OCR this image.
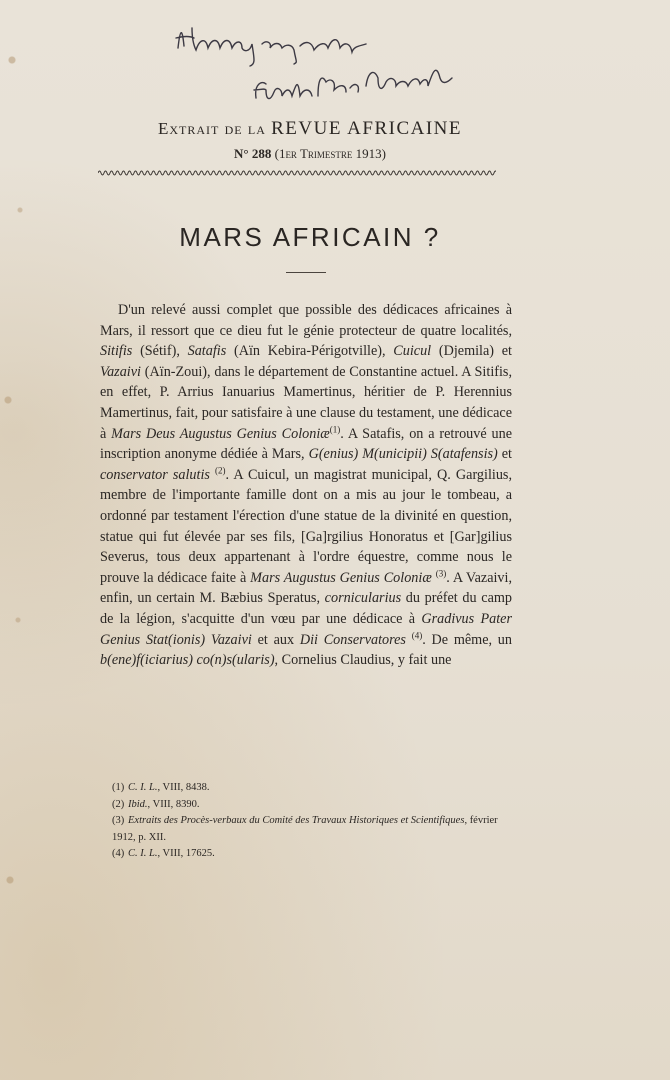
Extrait de la REVUE AFRICAINE
N° 288 (1er Trimestre 1913)
MARS AFRICAIN ?

D'un relevé aussi complet que possible des dédicaces africaines à Mars, il ressort que ce dieu fut le génie protecteur de quatre localités, Sitifis (Sétif), Satafis (Aïn Kebira-Périgotville), Cuicul (Djemila) et Vazaivi (Aïn-Zoui), dans le département de Constantine actuel. A Sitifis, en effet, P. Arrius Ianuarius Mamertinus, héritier de P. Herennius Mamertinus, fait, pour satisfaire à une clause du testament, une dédicace à Mars Deus Augustus Genius Coloniæ$^{(1)}$. A Satafis, on a retrouvé une inscription anonyme dédiée à Mars, G(enius) M(unicipii) S(atafensis) et conservator salutis $^{(2)}$. A Cuicul, un magistrat municipal, Q. Gargilius, membre de l'importante famille dont on a mis au jour le tombeau, a ordonné par testament l'érection d'une statue de la divinité en question, statue qui fut élevée par ses fils, [Ga]rgilius Honoratus et [Gar]gilius Severus, tous deux appartenant à l'ordre équestre, comme nous le prouve la dédicace faite à Mars Augustus Genius Coloniæ $^{(3)}$. A Vazaivi, enfin, un certain M. Bæbius Speratus, cornicularius du préfet du camp de la légion, s'acquitte d'un vœu par une dédicace à Gradivus Pater Genius Stat(ionis) Vazaivi et aux Dii Conservatores $^{(4)}$. De même, un b(ene)f(iciarius) co(n)s(ularis), Cornelius Claudius, y fait une

(1) C. I. L., VIII, 8438.
(2) Ibid., VIII, 8390.
(3) Extraits des Procès-verbaux du Comité des Travaux Historiques et Scientifiques, février 1912, p. XII.
(4) C. I. L., VIII, 17625.
